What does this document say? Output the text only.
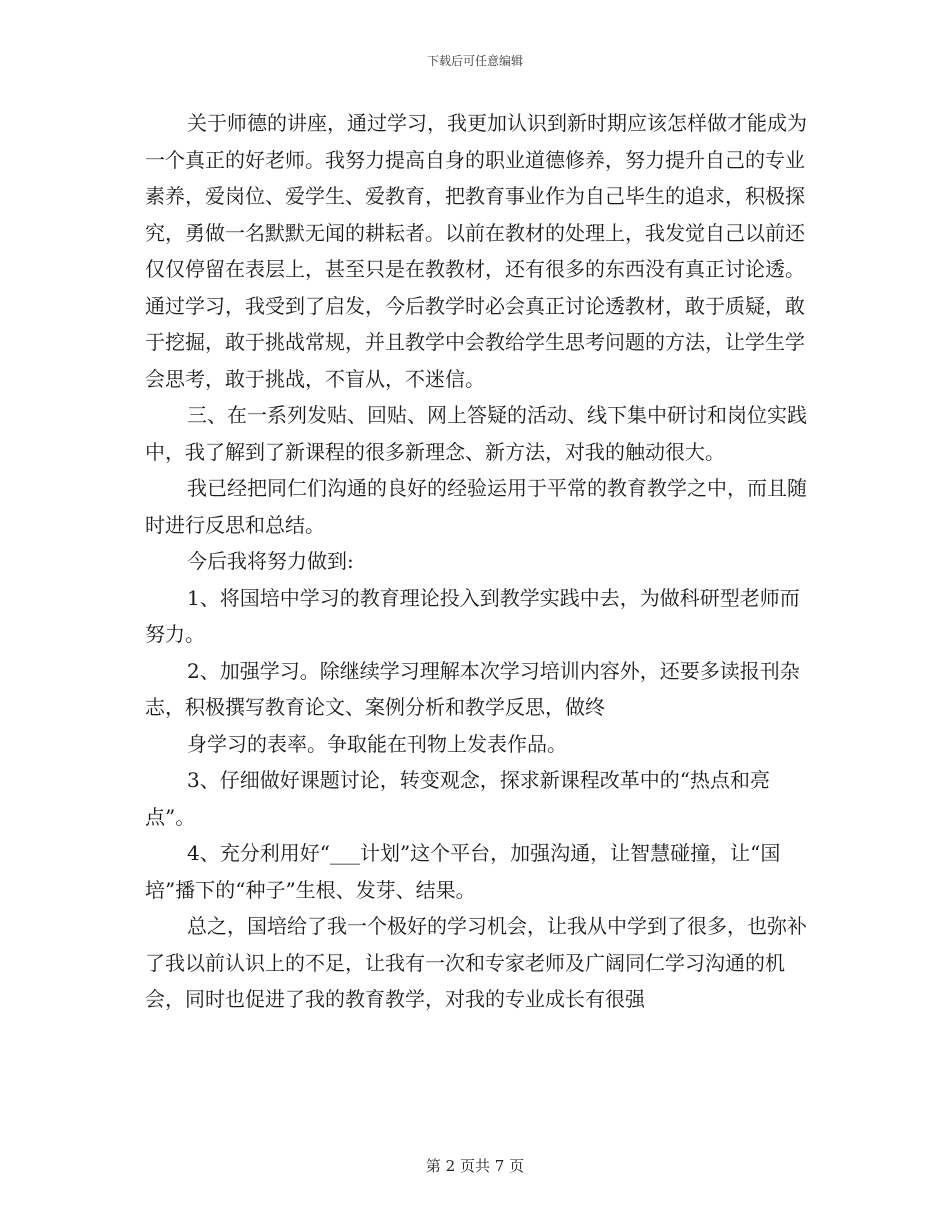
下载后可任意编辑

关于师德的讲座，通过学习，我更加认识到新时期应该怎样做才能成为一个真正的好老师。我努力提高自身的职业道德修养，努力提升自己的专业素养，爱岗位、爱学生、爱教育，把教育事业作为自己毕生的追求，积极探究，勇做一名默默无闻的耕耘者。以前在教材的处理上，我发觉自己以前还仅仅停留在表层上，甚至只是在教教材，还有很多的东西没有真正讨论透。通过学习，我受到了启发，今后教学时必会真正讨论透教材，敢于质疑，敢于挖掘，敢于挑战常规，并且教学中会教给学生思考问题的方法，让学生学会思考，敢于挑战，不盲从，不迷信。

三、在一系列发贴、回贴、网上答疑的活动、线下集中研讨和岗位实践中，我了解到了新课程的很多新理念、新方法，对我的触动很大。

我已经把同仁们沟通的良好的经验运用于平常的教育教学之中，而且随时进行反思和总结。

今后我将努力做到:

1、将国培中学习的教育理论投入到教学实践中去，为做科研型老师而努力。

2、加强学习。除继续学习理解本次学习培训内容外，还要多读报刊杂志，积极撰写教育论文、案例分析和教学反思，做终

身学习的表率。争取能在刊物上发表作品。

3、仔细做好课题讨论，转变观念，探求新课程改革中的“热点和亮点”。

4、充分利用好“___计划”这个平台，加强沟通，让智慧碰撞，让“国培”播下的“种子”生根、发芽、结果。

总之，国培给了我一个极好的学习机会，让我从中学到了很多，也弥补了我以前认识上的不足，让我有一次和专家老师及广阔同仁学习沟通的机会，同时也促进了我的教育教学，对我的专业成长有很强

第 2 页共 7 页
